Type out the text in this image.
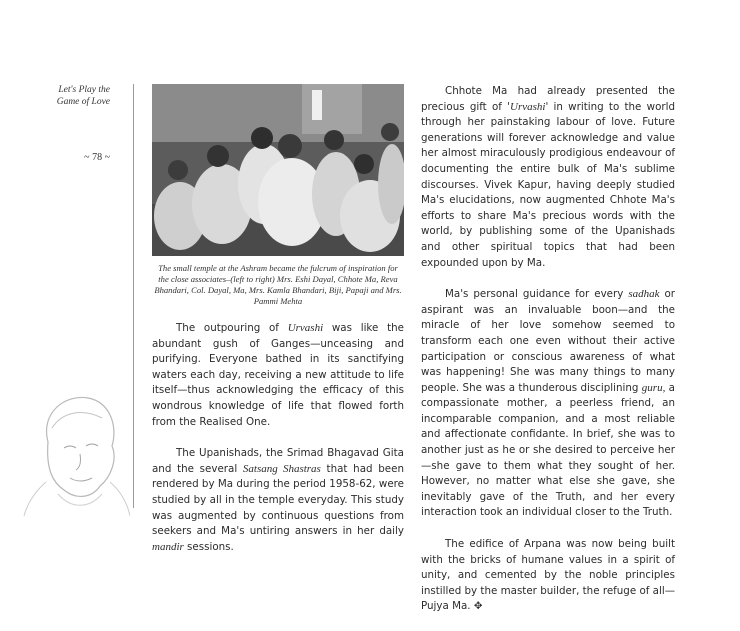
Let's Play the
Game of Love
~ 78 ~
The small temple at the Ashram became the fulcrum of inspiration for the close associates–(left to right) Mrs. Eshi Dayal, Chhote Ma, Reva Bhandari, Col. Dayal, Ma, Mrs. Kamla Bhandari, Biji, Papaji and Mrs. Pammi Mehta

The outpouring of Urvashi was like the abundant gush of Ganges—unceasing and purifying. Everyone bathed in its sanctifying waters each day, receiving a new attitude to life itself—thus acknowledging the efficacy of this wondrous knowledge of life that flowed forth from the Realised One.

The Upanishads, the Srimad Bhagavad Gita and the several Satsang Shastras that had been rendered by Ma during the period 1958-62, were studied by all in the temple everyday. This study was augmented by continuous questions from seekers and Ma's untiring answers in her daily mandir sessions.

Chhote Ma had already presented the precious gift of 'Urvashi' in writing to the world through her painstaking labour of love. Future generations will forever acknowledge and value her almost miraculously prodigious endeavour of documenting the entire bulk of Ma's sublime discourses. Vivek Kapur, having deeply studied Ma's elucidations, now augmented Chhote Ma's efforts to share Ma's precious words with the world, by publishing some of the Upanishads and other spiritual topics that had been expounded upon by Ma.

Ma's personal guidance for every sadhak or aspirant was an invaluable boon—and the miracle of her love somehow seemed to transform each one even without their active participation or conscious awareness of what was happening! She was many things to many people. She was a thunderous disciplining guru, a compassionate mother, a peerless friend, an incomparable companion, and a most reliable and affectionate confidante. In brief, she was to another just as he or she desired to perceive her—she gave to them what they sought of her. However, no matter what else she gave, she inevitably gave of the Truth, and her every interaction took an individual closer to the Truth.

The edifice of Arpana was now being built with the bricks of humane values in a spirit of unity, and cemented by the noble principles instilled by the master builder, the refuge of all—Pujya Ma. ✥
